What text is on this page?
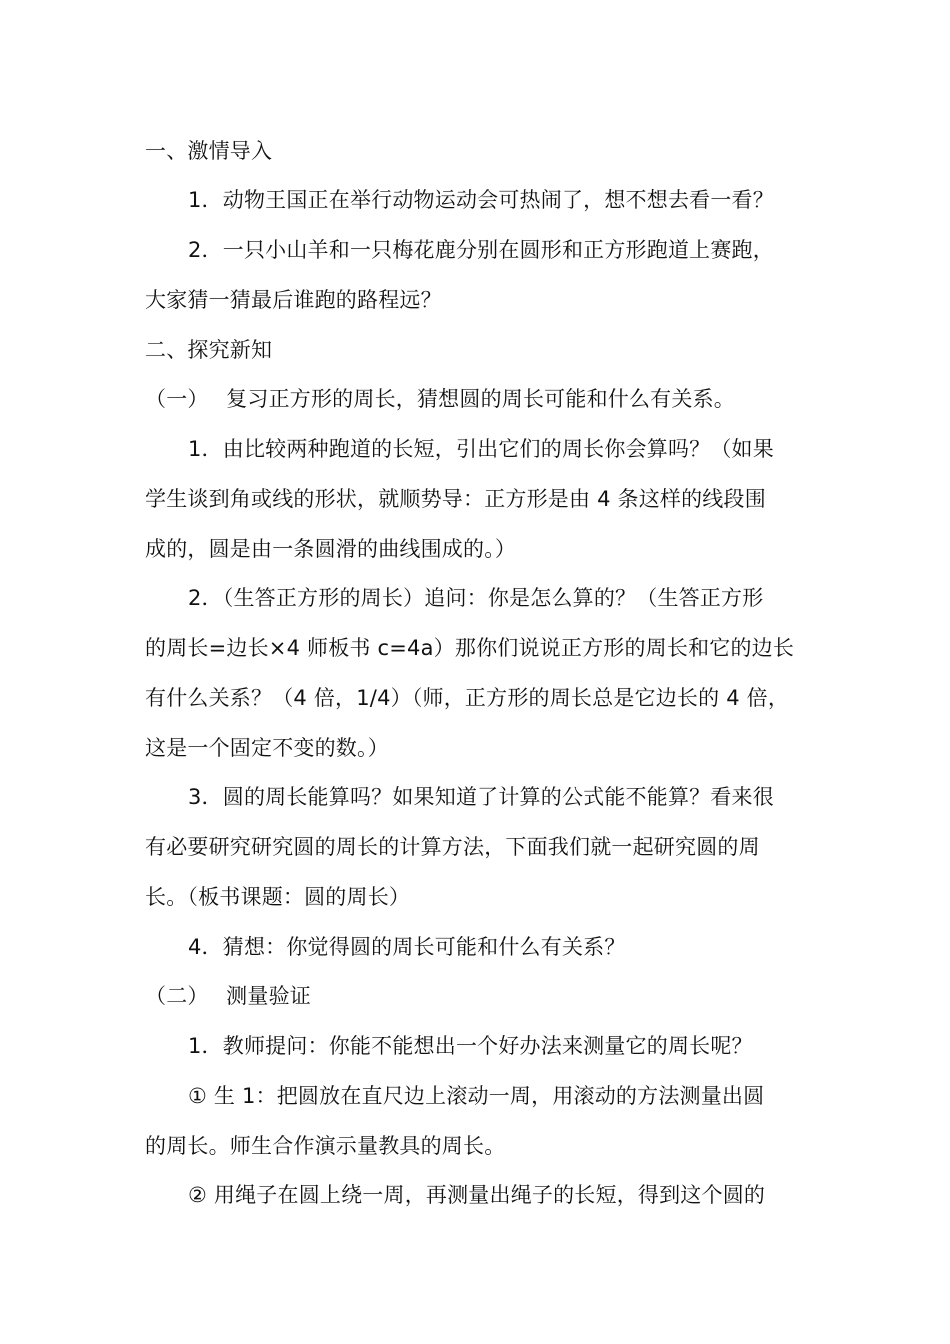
一、激情导入
1．动物王国正在举行动物运动会可热闹了，想不想去看一看？
2．一只小山羊和一只梅花鹿分别在圆形和正方形跑道上赛跑，
大家猜一猜最后谁跑的路程远？
二、探究新知
（一）　 复习正方形的周长，猜想圆的周长可能和什么有关系。
1．由比较两种跑道的长短，引出它们的周长你会算吗？（如果
学生谈到角或线的形状，就顺势导：正方形是由 4 条这样的线段围
成的，圆是由一条圆滑的曲线围成的。）
2．（生答正方形的周长）追问：你是怎么算的？（生答正方形
的周长=边长×4 师板书 c=4a）那你们说说正方形的周长和它的边长
有什么关系？（4 倍，1/4）（师，正方形的周长总是它边长的 4 倍，
这是一个固定不变的数。）
3．圆的周长能算吗？如果知道了计算的公式能不能算？看来很
有必要研究研究圆的周长的计算方法，下面我们就一起研究圆的周
长。（板书课题：圆的周长）
4．猜想：你觉得圆的周长可能和什么有关系？
（二）　 测量验证
1．教师提问：你能不能想出一个好办法来测量它的周长呢？
① 生 1：把圆放在直尺边上滚动一周，用滚动的方法测量出圆
的周长。师生合作演示量教具的周长。
② 用绳子在圆上绕一周，再测量出绳子的长短，得到这个圆的
